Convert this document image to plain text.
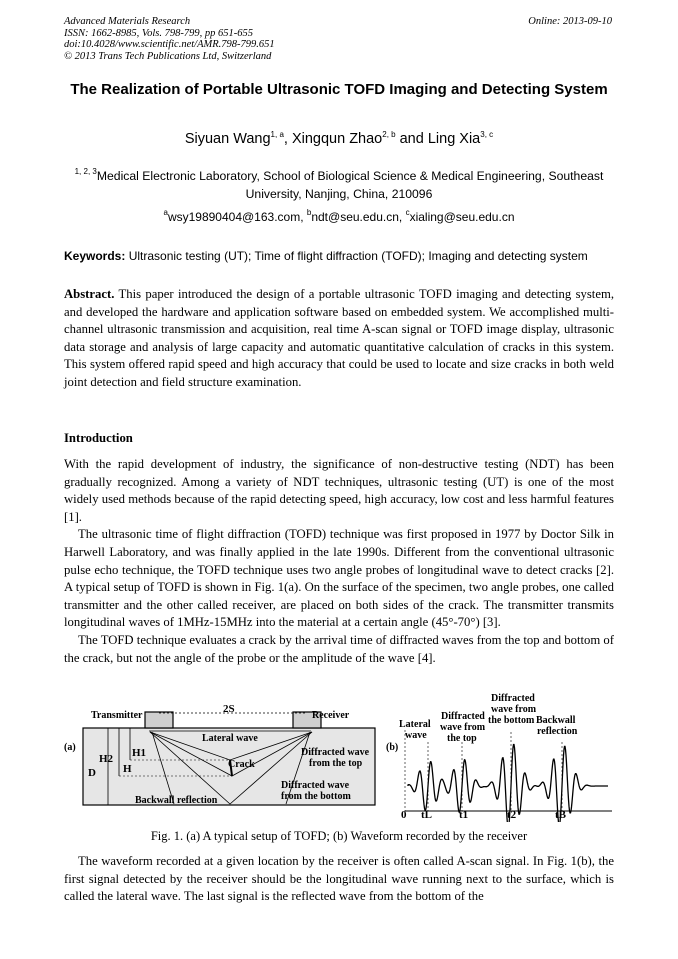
Advanced Materials Research
ISSN: 1662-8985, Vols. 798-799, pp 651-655
doi:10.4028/www.scientific.net/AMR.798-799.651
© 2013 Trans Tech Publications Ltd, Switzerland
Online: 2013-09-10
The Realization of Portable Ultrasonic TOFD Imaging and Detecting System
Siyuan Wang$^{1, a}$, Xingqun Zhao$^{2, b}$ and Ling Xia$^{3, c}$
$^{1, 2, 3}$Medical Electronic Laboratory, School of Biological Science & Medical Engineering, Southeast University, Nanjing, China, 210096
$^a$wsy19890404@163.com, $^b$ndt@seu.edu.cn, $^c$xialing@seu.edu.cn
Keywords: Ultrasonic testing (UT); Time of flight diffraction (TOFD); Imaging and detecting system

Abstract. This paper introduced the design of a portable ultrasonic TOFD imaging and detecting system, and developed the hardware and application software based on embedded system. We accomplished multi-channel ultrasonic transmission and acquisition, real time A-scan signal or TOFD image display, ultrasonic data storage and analysis of large capacity and automatic quantitative calculation of cracks in this system. This system offered rapid speed and high accuracy that could be used to locate and size cracks in both weld joint detection and field structure examination.

Introduction

With the rapid development of industry, the significance of non-destructive testing (NDT) has been gradually recognized. Among a variety of NDT techniques, ultrasonic testing (UT) is one of the most widely used methods because of the rapid detecting speed, high accuracy, low cost and less harmful features [1].

The ultrasonic time of flight diffraction (TOFD) technique was first proposed in 1977 by Doctor Silk in Harwell Laboratory, and was finally applied in the late 1990s. Different from the conventional ultrasonic pulse echo technique, the TOFD technique uses two angle probes of longitudinal wave to detect cracks [2]. A typical setup of TOFD is shown in Fig. 1(a). On the surface of the specimen, two angle probes, one called transmitter and the other called receiver, are placed on both sides of the crack. The transmitter transmits longitudinal waves of 1MHz-15MHz into the material at a certain angle (45°-70°) [3].

The TOFD technique evaluates a crack by the arrival time of diffracted waves from the top and bottom of the crack, but not the angle of the probe or the amplitude of the wave [4].

(a)
Transmitter	Receiver
2S
Lateral wave
H1
H2
H
D
Crack
Diffracted wave
from the top
Diffracted wave
from the bottom
Backwall reflection
(b)
Lateral
wave
Diffracted
wave from
the top
Diffracted
wave from
the bottom Backwall
reflection
0 tL t1	t2	tB
Fig. 1. (a) A typical setup of TOFD; (b) Waveform recorded by the receiver

The waveform recorded at a given location by the receiver is often called A-scan signal. In Fig. 1(b), the first signal detected by the receiver should be the longitudinal wave running next to the surface, which is called the lateral wave. The last signal is the reflected wave from the bottom of the
